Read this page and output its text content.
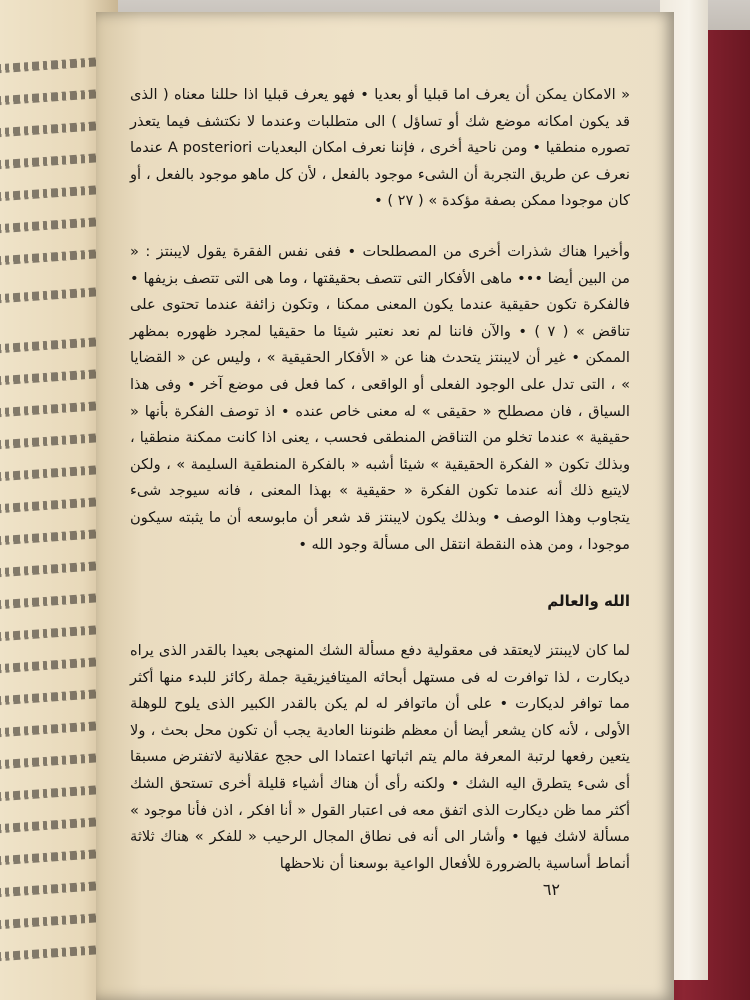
« الامكان يمكن أن يعرف اما قبليا أو بعديا • فهو يعرف قبليا اذا حللنا معناه ( الذى قد يكون امكانه موضع شك أو تساؤل ) الى متطلبات وعندما لا نكتشف فيما يتعذر تصوره منطقيا • ومن ناحية أخرى ، فإننا نعرف امكان البعديات A posteriori عندما نعرف عن طريق التجربة أن الشىء موجود بالفعل ، لأن كل ماهو موجود بالفعل ، أو كان موجودا ممكن بصفة مؤكدة » ( ٢٧ ) •

وأخيرا هناك شذرات أخرى من المصطلحات • ففى نفس الفقرة يقول لايبنتز : « من البين أيضا ••• ماهى الأفكار التى تتصف بحقيقتها ، وما هى التى تتصف بزيفها • فالفكرة تكون حقيقية عندما يكون المعنى ممكنا ، وتكون زائفة عندما تحتوى على تناقض » ( ٧ ) • والآن فاننا لم نعد نعتبر شيئا ما حقيقيا لمجرد ظهوره بمظهر الممكن • غير أن لايبنتز يتحدث هنا عن « الأفكار الحقيقية » ، وليس عن « القضايا » ، التى تدل على الوجود الفعلى أو الواقعى ، كما فعل فى موضع آخر • وفى هذا السياق ، فان مصطلح « حقيقى » له معنى خاص عنده • اذ توصف الفكرة بأنها « حقيقية » عندما تخلو من التناقض المنطقى فحسب ، يعنى اذا كانت ممكنة منطقيا ، وبذلك تكون « الفكرة الحقيقية » شيئا أشبه « بالفكرة المنطقية السليمة » ، ولكن لايتبع ذلك أنه عندما تكون الفكرة « حقيقية » بهذا المعنى ، فانه سيوجد شىء يتجاوب وهذا الوصف • وبذلك يكون لايبنتز قد شعر أن مابوسعه أن ما يثبته سيكون موجودا ، ومن هذه النقطة انتقل الى مسألة وجود الله •

الله والعالم

لما كان لايبنتز لايعتقد فى معقولية دفع مسألة الشك المنهجى بعيدا بالقدر الذى يراه ديكارت ، لذا توافرت له فى مستهل أبحاثه الميتافيزيقية جملة ركائز للبدء منها أكثر مما توافر لديكارت • على أن ماتوافر له لم يكن بالقدر الكبير الذى يلوح للوهلة الأولى ، لأنه كان يشعر أيضا أن معظم ظنوننا العادية يجب أن تكون محل بحث ، ولا يتعين رفعها لرتبة المعرفة مالم يتم اثباتها اعتمادا الى حجج عقلانية لاتفترض مسبقا أى شىء يتطرق اليه الشك • ولكنه رأى أن هناك أشياء قليلة أخرى تستحق الشك أكثر مما ظن ديكارت الذى اتفق معه فى اعتبار القول « أنا افكر ، اذن فأنا موجود » مسألة لاشك فيها • وأشار الى أنه فى نطاق المجال الرحيب « للفكر » هناك ثلاثة أنماط أساسية بالضرورة للأفعال الواعية بوسعنا أن نلاحظها

٦٢
